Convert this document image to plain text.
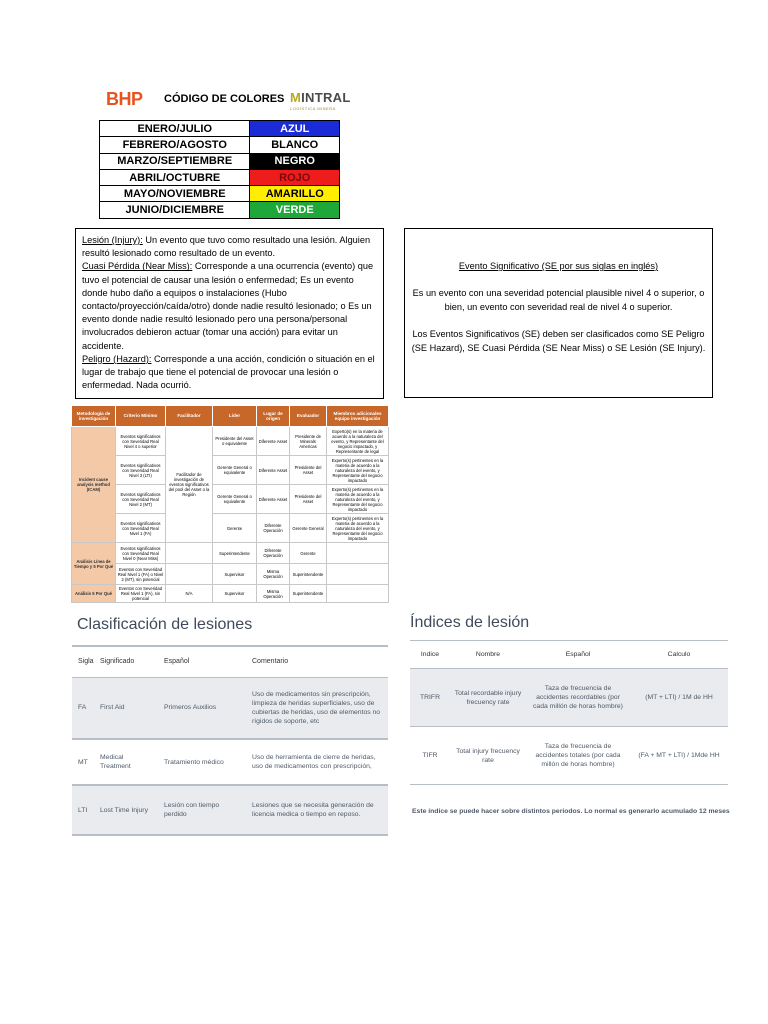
BHP CÓDIGO DE COLORES MINTRAL
LOGÍSTICA MINERA
ENERO/JULIO	AZUL
FEBRERO/AGOSTO	BLANCO
MARZO/SEPTIEMBRE	NEGRO
ABRIL/OCTUBRE	ROJO
MAYO/NOVIEMBRE	AMARILLO
JUNIO/DICIEMBRE	VERDE

Lesión (Injury): Un evento que tuvo como resultado una lesión. Alguien resultó lesionado como resultado de un evento.

Cuasi Pérdida (Near Miss): Corresponde a una ocurrencia (evento) que tuvo el potencial de causar una lesión o enfermedad; Es un evento donde hubo daño a equipos o instalaciones (Hubo contacto/proyección/caída/otro) donde nadie resultó lesionado; o Es un evento donde nadie resultó lesionado pero una persona/personal involucrados debieron actuar (tomar una acción) para evitar un accidente.

Peligro (Hazard): Corresponde a una acción, condición o situación en el lugar de trabajo que tiene el potencial de provocar una lesión o enfermedad. Nada ocurrió.

Evento Significativo (SE por sus siglas en inglés)

Es un evento con una severidad potencial plausible nivel 4 o superior, o bien, un evento con severidad real de nivel 4 o superior.

Los Eventos Significativos (SE) deben ser clasificados como SE Peligro (SE Hazard), SE Cuasi Pérdida (SE Near Miss) o SE Lesión (SE Injury).

Metodología de investigación	Criterio Mínimo	Facilitador	Líder	Lugar de origen	Evaluador	Miembros adicionales equipo investigación
Incident cause analysis method (ICAM)	Eventos significativos con Severidad Real Nivel 4 o superior	Facilitador de investigación de eventos significativos del pool del Asset o la Región	Presidente del Asset o equivalente	Diferente Asset	Presidente de Minerals Americas	Experto(s) en la materia de acuerdo a la naturaleza del evento, y Representante del negocio impactado, y Representante de legal
	Eventos significativos con Severidad Real Nivel 3 (LTI)		Gerente General o equivalente	Diferente Asset	Presidente del Asset	Experto(s) pertinentes en la materia de acuerdo a la naturaleza del evento, y Representante del negocio impactado
	Eventos significativos con Severidad Real Nivel 2 (MT)		Gerente General o equivalente	Diferente Asset	Presidente del Asset	Experto(s) pertinentes en la materia de acuerdo a la naturaleza del evento, y Representante del negocio impactado
	Eventos significativos con Severidad Real Nivel 1 (FA)		Gerente	Diferente Operación	Gerente General	Experto(s) pertinentes en la materia de acuerdo a la naturaleza del evento, y Representante del negocio impactado
Análisis Línea de Tiempo y 5 Por Qué	Eventos significativos con Severidad Real Nivel 0 (Near Miss)		Superintendente	Diferente Operación	Gerente	
	Eventos con Severidad Real Nivel 1 (FA) o Nivel 2 (MT), sin potencial		Supervisor	Misma Operación	Superintendente	
Análisis 5 Por Qué	Eventos con Severidad Real Nivel 1 (FA), sin potencial	N/A	Supervisor	Misma Operación	Superintendente	
Clasificación de lesiones
Sigla	Significado	Español	Comentario
FA	First Aid	Primeros Auxilios	Uso de medicamentos sin prescripción, limpieza de heridas superficiales, uso de cubiertas de heridas, uso de elementos no rígidos de soporte, etc
MT	Medical Treatment	Tratamiento médico	Uso de herramienta de cierre de heridas, uso de medicamentos con prescripción,
LTI	Lost Time Injury	Lesión con tiempo perdido	Lesiones que se necesita generación de licencia medica o tiempo en reposo.
Índices de lesión
Indice	Nombre	Español	Calculo
TRIFR	Total recordable injury frecuency rate	Taza de frecuencia de accidentes recordables (por cada millón de horas hombre)	(MT + LTI) / 1M de HH
TIFR	Total injury frecuency rate	Taza de frecuencia de accidentes totales (por cada millón de horas hombre)	(FA + MT + LTI) / 1Mde HH
Este índice se puede hacer sobre distintos periodos. Lo normal es generarlo acumulado 12 meses
